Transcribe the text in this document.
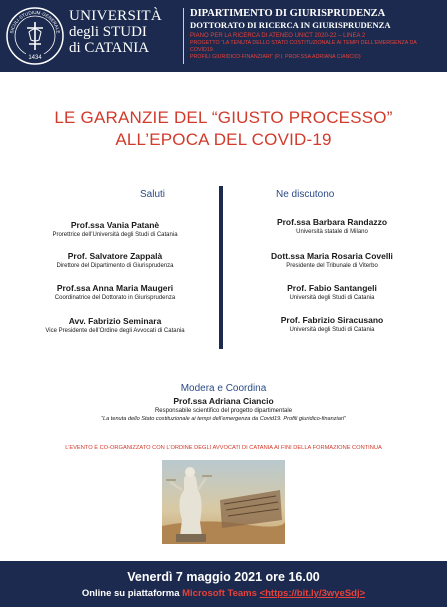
1434
SICULI·STUDIUM·GENERALE
UNIVERSITÀ
degli STUDI
di CATANIA
DIPARTIMENTO DI GIURISPRUDENZA
DOTTORATO DI RICERCA IN GIURISPRUDENZA
PIANO PER LA RICERCA DI ATENEO UNICT 2020-22 – LINEA 2
PROGETTO “LA TENUTA DELLO STATO COSTITUZIONALE AI TEMPI DELL’EMERGENZA DA COVID19.
PROFILI GIURIDICO-FINANZIARI” (P.I. PROF.SSA ADRIANA CIANCIO)
LE GARANZIE DEL “GIUSTO PROCESSO”
ALL’EPOCA DEL COVID-19
Saluti	Ne discutono
Prof.ssa Vania Patanè
Prorettrice dell’Università degli Studi di Catania
Prof. Salvatore Zappalà
Direttore del Dipartimento di Giurisprudenza
Prof.ssa Anna Maria Maugeri
Coordinatrice del Dottorato in Giurisprudenza
Avv. Fabrizio Seminara
Vice Presidente dell’Ordine degli Avvocati di Catania
Prof.ssa Barbara Randazzo
Università statale di Milano
Dott.ssa Maria Rosaria Covelli
Presidente del Tribunale di Viterbo
Prof. Fabio Santangeli
Università degli Studi di Catania
Prof. Fabrizio Siracusano
Università degli Studi di Catania
Modera e Coordina
Prof.ssa Adriana Ciancio
Responsabile scientifico del progetto dipartimentale
“La tenuta dello Stato costituzionale ai tempi dell’emergenza da Covid19. Profili giuridico-finanziari”
L’EVENTO È CO-ORGANIZZATO CON L’ORDINE DEGLI AVVOCATI DI CATANIA AI FINI DELLA FORMAZIONE CONTINUA
Venerdì 7 maggio 2021 ore 16.00
Online su piattaforma Microsoft Teams <https://bit.ly/3wyeSdj>
